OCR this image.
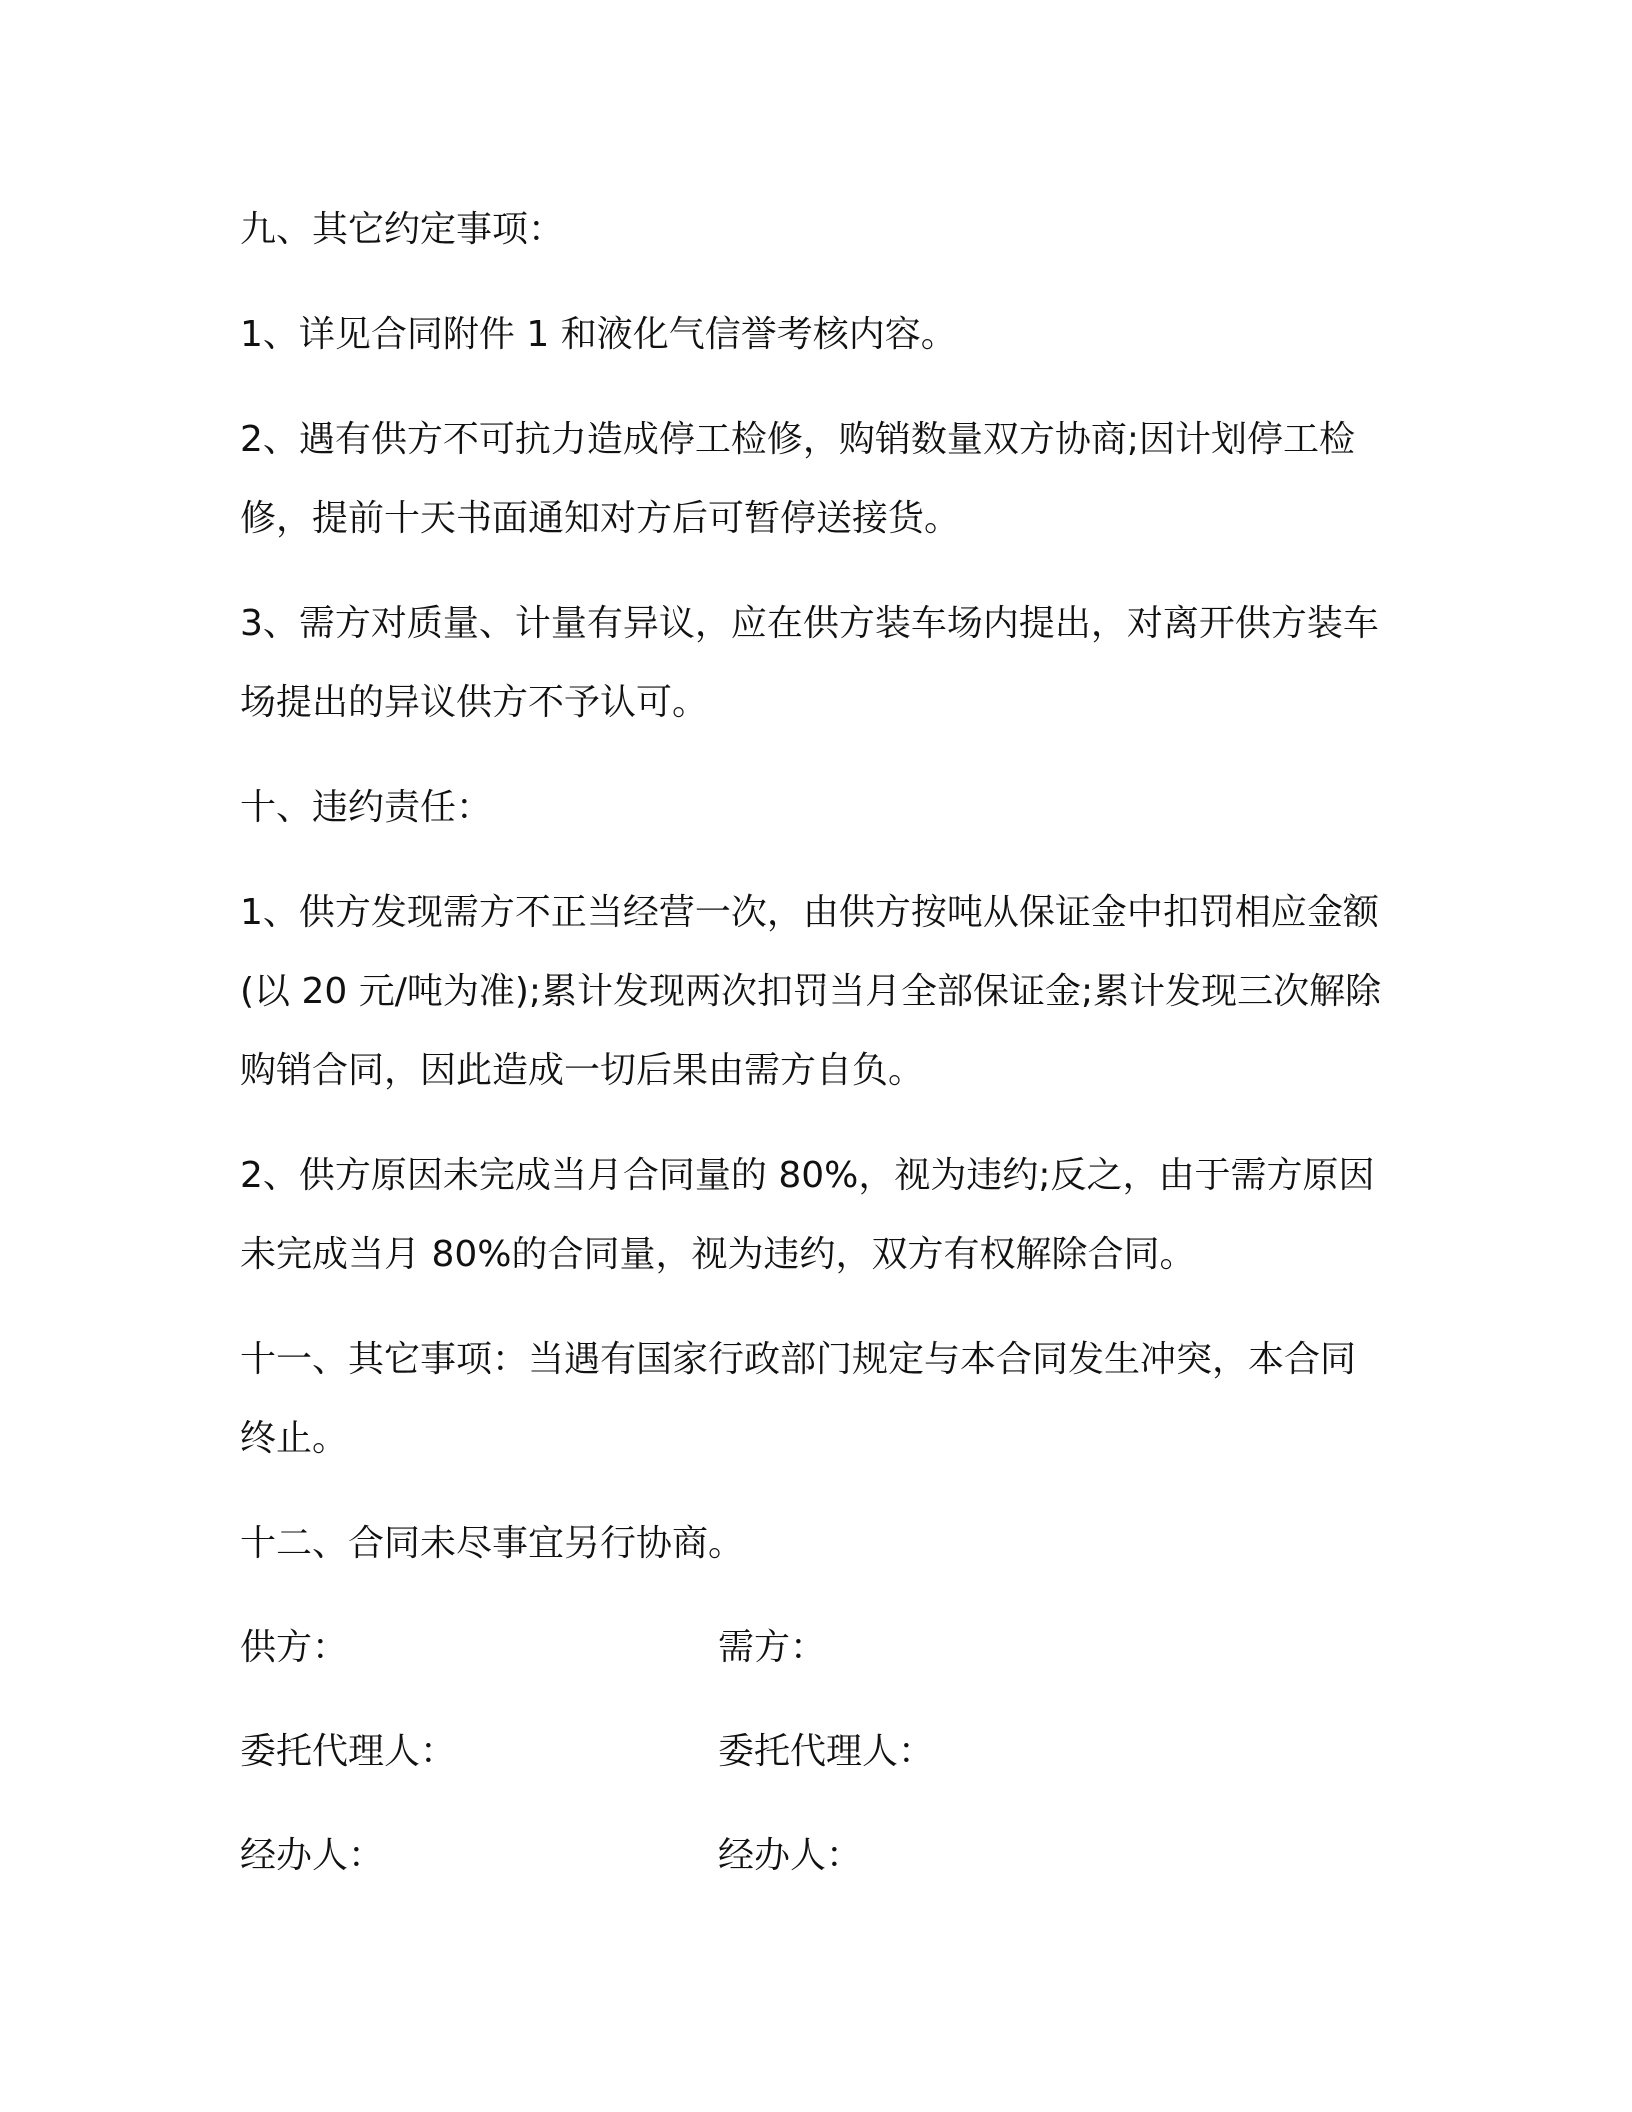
九、其它约定事项：

1、详见合同附件 1 和液化气信誉考核内容。

2、遇有供方不可抗力造成停工检修，购销数量双方协商;因计划停工检修，提前十天书面通知对方后可暂停送接货。

3、需方对质量、计量有异议，应在供方装车场内提出，对离开供方装车场提出的异议供方不予认可。

十、违约责任：

1、供方发现需方不正当经营一次，由供方按吨从保证金中扣罚相应金额(以 20 元/吨为准);累计发现两次扣罚当月全部保证金;累计发现三次解除购销合同，因此造成一切后果由需方自负。

2、供方原因未完成当月合同量的 80%，视为违约;反之，由于需方原因未完成当月 80%的合同量，视为违约，双方有权解除合同。

十一、其它事项：当遇有国家行政部门规定与本合同发生冲突，本合同终止。

十二、合同未尽事宜另行协商。

供方：	需方：
委托代理人：	委托代理人：
经办人：	经办人：
